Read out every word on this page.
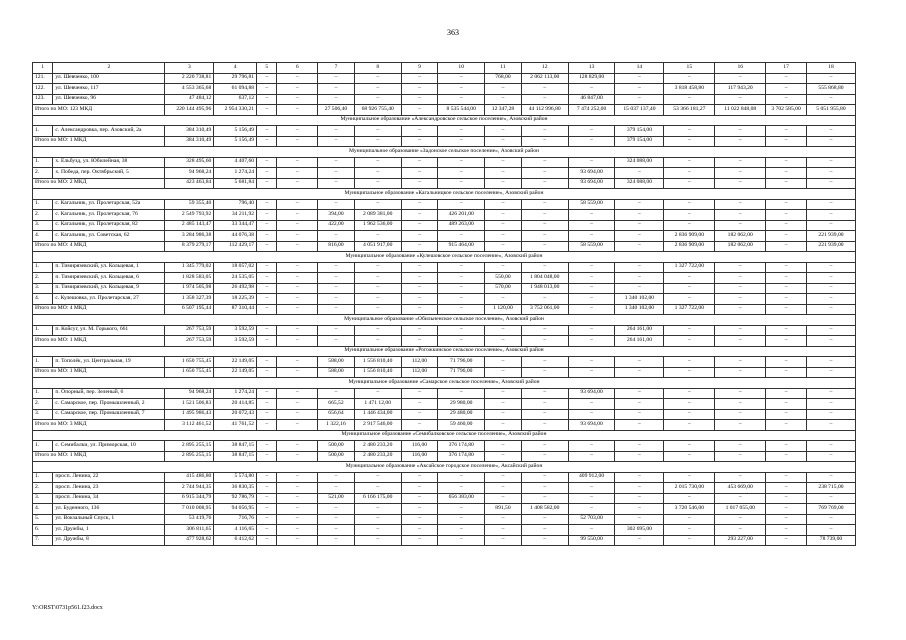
363
1	2	3	4	5	6	7	8	9	10	11	12	13	14	15	16	17	18
121.	ул. Шевченко, 100	2 220 738,81	29 796,81	–	–	–	–	–	–	768,00	2 062 113,00	128 829,00	–	–	–	–	–
122.	ул. Шевченко, 117	4 553 365,68	61 094,88	–	–	–	–	–	–	–	–	–	–	3 818 458,80	117 943,20	–	555 868,80
123.	ул. Шевченко, 96	47 484,12	637,12	–	–	–	–	–	–	–	–	46 847,00	–	–	–	–	–
Итого по МО: 123 МКД		220 144 495,96	2 954 330,21	–	–	27 506,40	68 926 755,40	–	8 535 544,00	12 347,28	44 112 996,80	7 474 252,00	15 037 137,40	53 366 181,27	11 022 848,08	3 702 585,00	5 051 955,80
Муниципальное образование «Александровское сельское поселение», Азовский район																	
1.	с. Александровка, пер. Азовский, 2а	384 310,49	5 156,49	–	–	–	–	–	–	–	–	–	379 154,00	–	–	–	–
Итого по МО: 1 МКД		384 310,49	5 156,49	–	–	–	–	–	–	–	–	–	379 154,00	–	–	–	–
Муниципальное образование «Задонское сельское поселение», Азовский район																	
1.	х. Ельбузд, ул. Юбилейная, 38	328 495,60	4 407,60	–	–	–	–	–	–	–	–	–	324 088,00	–	–	–	–
2.	х. Победа, пер. Октябрьский, 5	94 968,24	1 274,24	–	–	–	–	–	–	–	–	93 694,00	–	–	–	–	–
Итого по МО: 2 МКД		423 463,84	5 681,84	–	–	–	–	–	–	–	–	93 694,00	324 088,00	–	–	–	–
Муниципальное образование «Кагальницкое сельское поселение», Азовский район																	
1.	с. Кагальник, ул. Пролетарская, 52а	59 355,40	796,40	–	–	–	–	–	–	–	–	58 559,00	–	–	–	–	–
2.	с. Кагальник, ул. Пролетарская, 76	2 549 793,92	34 211,92	–	–	394,00	2 089 381,00	–	426 201,00	–	–	–	–	–	–	–	–
3.	с. Кагальник, ул. Пролетарская, 82	2 485 143,47	33 344,47	–	–	422,00	1 962 536,00	–	489 263,00	–	–	–	–	–	–	–	–
4.	с. Кагальник, ул. Советская, 62	3 284 986,38	44 076,38	–	–	–	–	–	–	–	–	–	–	2 836 909,00	182 062,00	–	221 939,00
Итого по МО: 4 МКД		8 379 279,17	112 429,17	–	–	816,00	4 051 917,00	–	915 464,00	–	–	58 559,00	–	2 836 909,00	182 062,00	–	221 939,00
Муниципальное образование «Кулешовское сельское поселение», Азовский район																	
1.	п. Тимирязевский, ул. Кольцевая, 1	1 345 779,02	18 057,02	–	–	–	–	–	–	–	–	–	–	1 327 722,00	–	–	–
2.	п. Тимирязевский, ул. Кольцевая, 6	1 828 583,05	24 535,05	–	–	–	–	–	–	550,00	1 804 048,00	–	–	–	–	–	–
3.	п. Тимирязевский, ул. Кольцевая, 9	1 974 505,98	26 492,98	–	–	–	–	–	–	570,00	1 948 013,00	–	–	–	–	–	–
4.	с. Кулешовка, ул. Пролетарская, 27	1 358 327,39	18 225,39	–	–	–	–	–	–	–	–	–	1 340 102,00	–	–	–	–
Итого по МО: 4 МКД		6 507 195,44	87 310,44	–	–	–	–	–	–	1 120,00	3 752 061,00	–	1 340 102,00	1 327 722,00	–	–	–
Муниципальное образование «Обильненское сельское поселение», Азовский район																	
1.	п. Койсуг, ул. М. Горького, 661	267 753,59	3 592,59	–	–	–	–	–	–	–	–	–	264 161,00	–	–	–	–
Итого по МО: 1 МКД		267 753,59	3 592,59	–	–	–	–	–	–	–	–	–	264 161,00	–	–	–	–
Муниципальное образование «Рогожкинское сельское поселение», Азовский район																	
1.	п. Тополёк, ул. Центральная, 19	1 650 755,45	22 149,05	–	–	588,00	1 556 810,40	112,00	71 796,00	–	–	–	–	–	–	–	–
Итого по МО: 1 МКД		1 650 755,45	22 149,05	–	–	588,00	1 556 810,40	112,00	71 796,00	–	–	–	–	–	–	–	–
Муниципальное образование «Самарское сельское поселение», Азовский район																	
1.	п. Опорный, пер. Зеленый, 6	94 968,24	1 274,24	–	–	–	–	–	–	–	–	93 694,00	–	–	–	–	–
2.	с. Самарское, пер. Промышленный, 2	1 521 506,83	20 414,85	–	–	665,52	1 471 12,00	–	29 980,00	–	–	–	–	–	–	–	–
3.	с. Самарское, пер. Промышленный, 7	1 495 986,43	20 072,43	–	–	656,64	1 446 434,00	–	29 480,00	–	–	–	–	–	–	–	–
Итого по МО: 3 МКД		3 112 461,52	41 761,52	–	–	1 322,16	2 917 546,00	–	59 460,00	–	–	93 694,00	–	–	–	–	–
Муниципальное образование «Семибалковское сельское поселение», Азовский район																	
1.	с. Семибалки, ул. Приморская, 10	2 895 255,15	38 847,15	–	–	500,00	2 480 233,20	116,00	376 174,80	–	–	–	–	–	–	–	–
Итого по МО: 1 МКД		2 895 255,15	38 847,15	–	–	500,00	2 480 233,20	116,00	376 174,80	–	–	–	–	–	–	–	–
Муниципальное образование «Аксайское городское поселение», Аксайский район																	
1.	просп. Ленина, 22	415 486,80	5 574,80	–	–	–	–	–	–	–	–	409 912,00	–	–	–	–	–
2.	просп. Ленина, 23	2 744 944,35	36 830,35	–	–	–	–	–	–	–	–	–	–	2 015 730,00	453 669,00	–	238 715,00
3.	просп. Ленина, 34	6 915 344,79	92 786,79	–	–	521,00	6 166 175,00	–	656 383,00	–	–	–	–	–	–	–	–
4.	ул. Буденного, 136	7 010 008,95	94 056,95	–	–	–	–	–	–	891,50	1 408 582,00	–	–	3 720 546,00	1 017 055,00	–	769 769,00
5.	ул. Вокзальный Спуск, 1	53 419,76	716,76	–	–	–	–	–	–	–	–	52 703,00	–	–	–	–	–
6.	ул. Дружбы, 1	306 811,65	4 116,65	–	–	–	–	–	–	–	–	–	302 695,00	–	–	–	–
7.	ул. Дружбы, 8	477 928,62	6 412,62	–	–	–	–	–	–	–	–	99 550,00	–	–	293 227,00	–	78 739,00
Y:\ORST\0731p561.f23.docx
